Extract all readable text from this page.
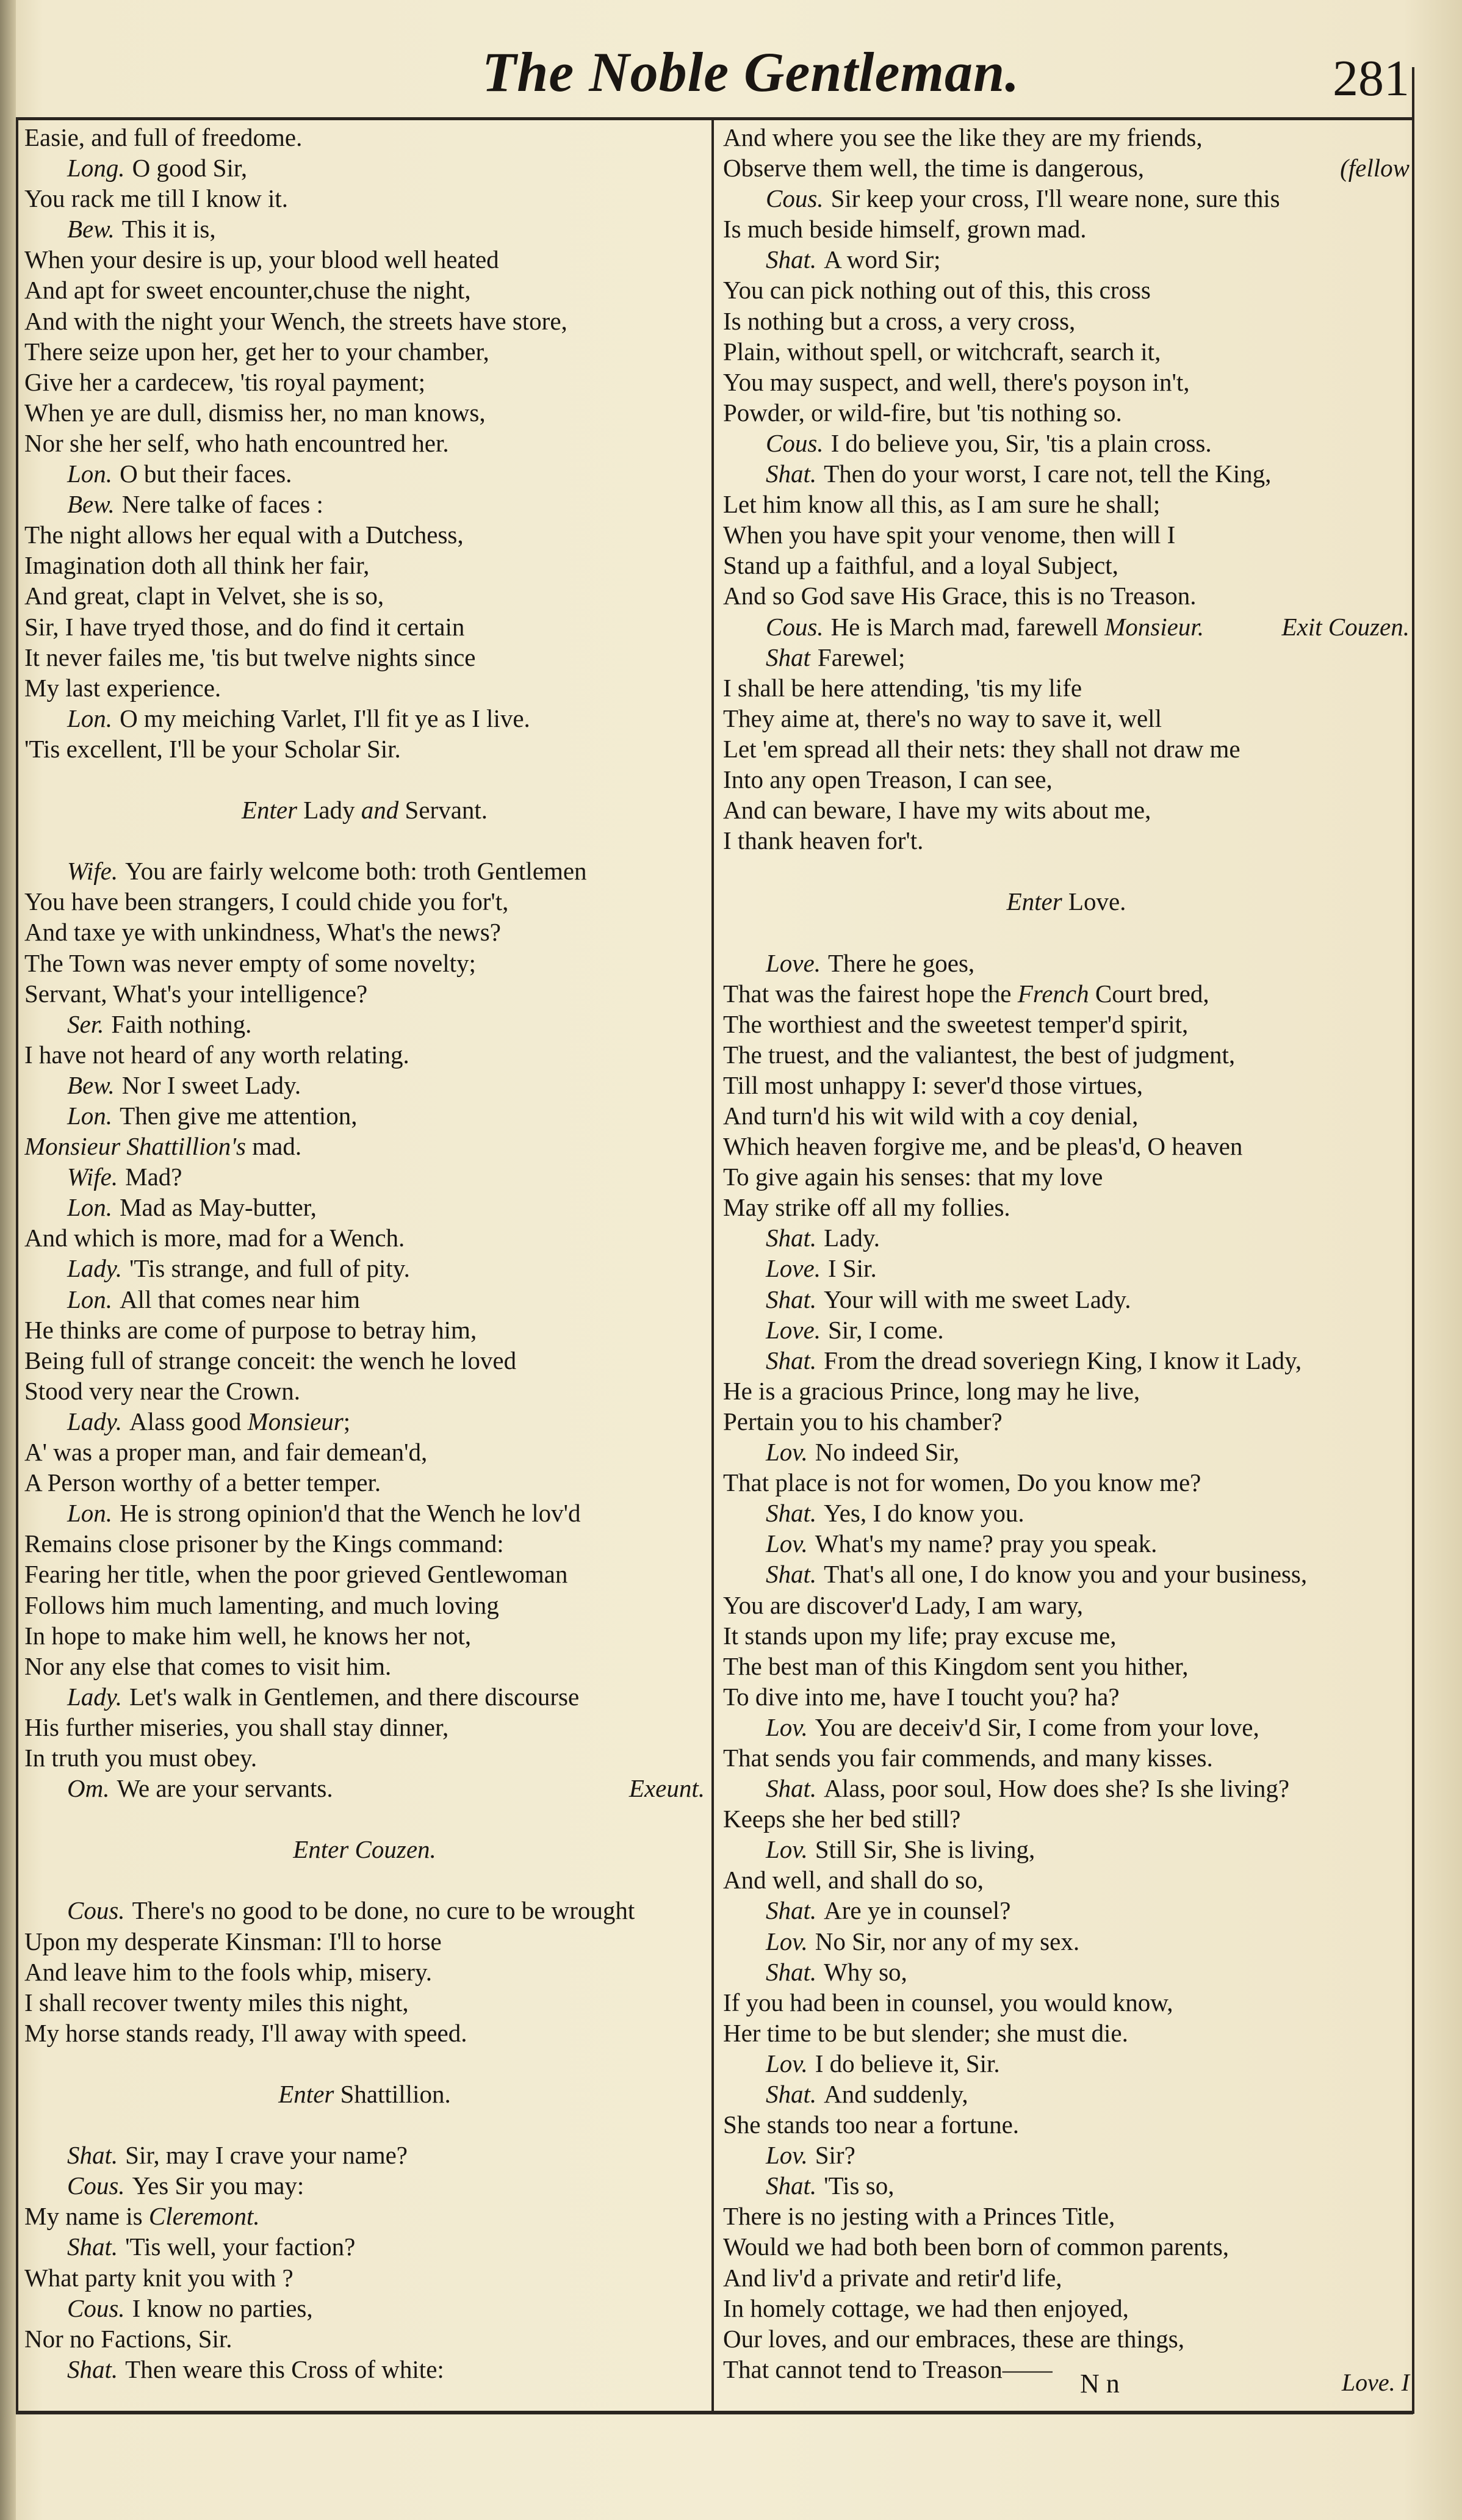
The Noble Gentleman.	281
Easie, and full of freedome.
Long. O good Sir,
You rack me till I know it.
Bew. This it is,
When your desire is up, your blood well heated
And apt for sweet encounter,chuse the night,
And with the night your Wench, the streets have store,
There seize upon her, get her to your chamber,
Give her a cardecew, 'tis royal payment;
When ye are dull, dismiss her, no man knows,
Nor she her self, who hath encountred her.
Lon. O but their faces.
Bew. Nere talke of faces :
The night allows her equal with a Dutchess,
Imagination doth all think her fair,
And great, clapt in Velvet, she is so,
Sir, I have tryed those, and do find it certain
It never failes me, 'tis but twelve nights since
My last experience.
Lon. O my meiching Varlet, I'll fit ye as I live.
'Tis excellent, I'll be your Scholar Sir.
Enter Lady and Servant.
Wife. You are fairly welcome both: troth Gentlemen
You have been strangers, I could chide you for't,
And taxe ye with unkindness, What's the news?
The Town was never empty of some novelty;
Servant, What's your intelligence?
Ser. Faith nothing.
I have not heard of any worth relating.
Bew. Nor I sweet Lady.
Lon. Then give me attention,
Monsieur Shattillion's mad.
Wife. Mad?
Lon. Mad as May-butter,
And which is more, mad for a Wench.
Lady. 'Tis strange, and full of pity.
Lon. All that comes near him
He thinks are come of purpose to betray him,
Being full of strange conceit: the wench he loved
Stood very near the Crown.
Lady. Alass good Monsieur;
A' was a proper man, and fair demean'd,
A Person worthy of a better temper.
Lon. He is strong opinion'd that the Wench he lov'd
Remains close prisoner by the Kings command:
Fearing her title, when the poor grieved Gentlewoman
Follows him much lamenting, and much loving
In hope to make him well, he knows her not,
Nor any else that comes to visit him.
Lady. Let's walk in Gentlemen, and there discourse
His further miseries, you shall stay dinner,
In truth you must obey.
Om.	Exeunt.
We are your servants.
Enter Couzen.
Cous. There's no good to be done, no cure to be wrought
Upon my desperate Kinsman: I'll to horse
And leave him to the fools whip, misery.
I shall recover twenty miles this night,
My horse stands ready, I'll away with speed.
Enter Shattillion.
Shat. Sir, may I crave your name?
Cous. Yes Sir you may:
My name is Cleremont.
Shat. 'Tis well, your faction?
What party knit you with ?
Cous. I know no parties,
Nor no Factions, Sir.
Shat. Then weare this Cross of white:
And where you see the like they are my friends,
(fellow
Observe them well, the time is dangerous,
Cous. Sir keep your cross, I'll weare none, sure this
Is much beside himself, grown mad.
Shat. A word Sir;
You can pick nothing out of this, this cross
Is nothing but a cross, a very cross,
Plain, without spell, or witchcraft, search it,
You may suspect, and well, there's poyson in't,
Powder, or wild-fire, but 'tis nothing so.
Cous. I do believe you, Sir, 'tis a plain cross.
Shat. Then do your worst, I care not, tell the King,
Let him know all this, as I am sure he shall;
When you have spit your venome, then will I
Stand up a faithful, and a loyal Subject,
And so God save His Grace, this is no Treason.
Cous.	Exit Couzen.
He is March mad, farewell Monsieur.
Shat Farewel;
I shall be here attending, 'tis my life
They aime at, there's no way to save it, well
Let 'em spread all their nets: they shall not draw me
Into any open Treason, I can see,
And can beware, I have my wits about me,
I thank heaven for't.
Enter Love.
Love. There he goes,
That was the fairest hope the French Court bred,
The worthiest and the sweetest temper'd spirit,
The truest, and the valiantest, the best of judgment,
Till most unhappy I: sever'd those virtues,
And turn'd his wit wild with a coy denial,
Which heaven forgive me, and be pleas'd, O heaven
To give again his senses: that my love
May strike off all my follies.
Shat. Lady.
Love. I Sir.
Shat. Your will with me sweet Lady.
Love. Sir, I come.
Shat. From the dread soveriegn King, I know it Lady,
He is a gracious Prince, long may he live,
Pertain you to his chamber?
Lov. No indeed Sir,
That place is not for women, Do you know me?
Shat. Yes, I do know you.
Lov. What's my name? pray you speak.
Shat. That's all one, I do know you and your business,
You are discover'd Lady, I am wary,
It stands upon my life; pray excuse me,
The best man of this Kingdom sent you hither,
To dive into me, have I toucht you? ha?
Lov. You are deceiv'd Sir, I come from your love,
That sends you fair commends, and many kisses.
Shat. Alass, poor soul, How does she? Is she living?
Keeps she her bed still?
Lov. Still Sir, She is living,
And well, and shall do so,
Shat. Are ye in counsel?
Lov. No Sir, nor any of my sex.
Shat. Why so,
If you had been in counsel, you would know,
Her time to be but slender; she must die.
Lov. I do believe it, Sir.
Shat. And suddenly,
She stands too near a fortune.
Lov. Sir?
Shat. 'Tis so,
There is no jesting with a Princes Title,
Would we had both been born of common parents,
And liv'd a private and retir'd life,
In homely cottage, we had then enjoyed,
Our loves, and our embraces, these are things,
That cannot tend to Treason——	N n	Love. I
